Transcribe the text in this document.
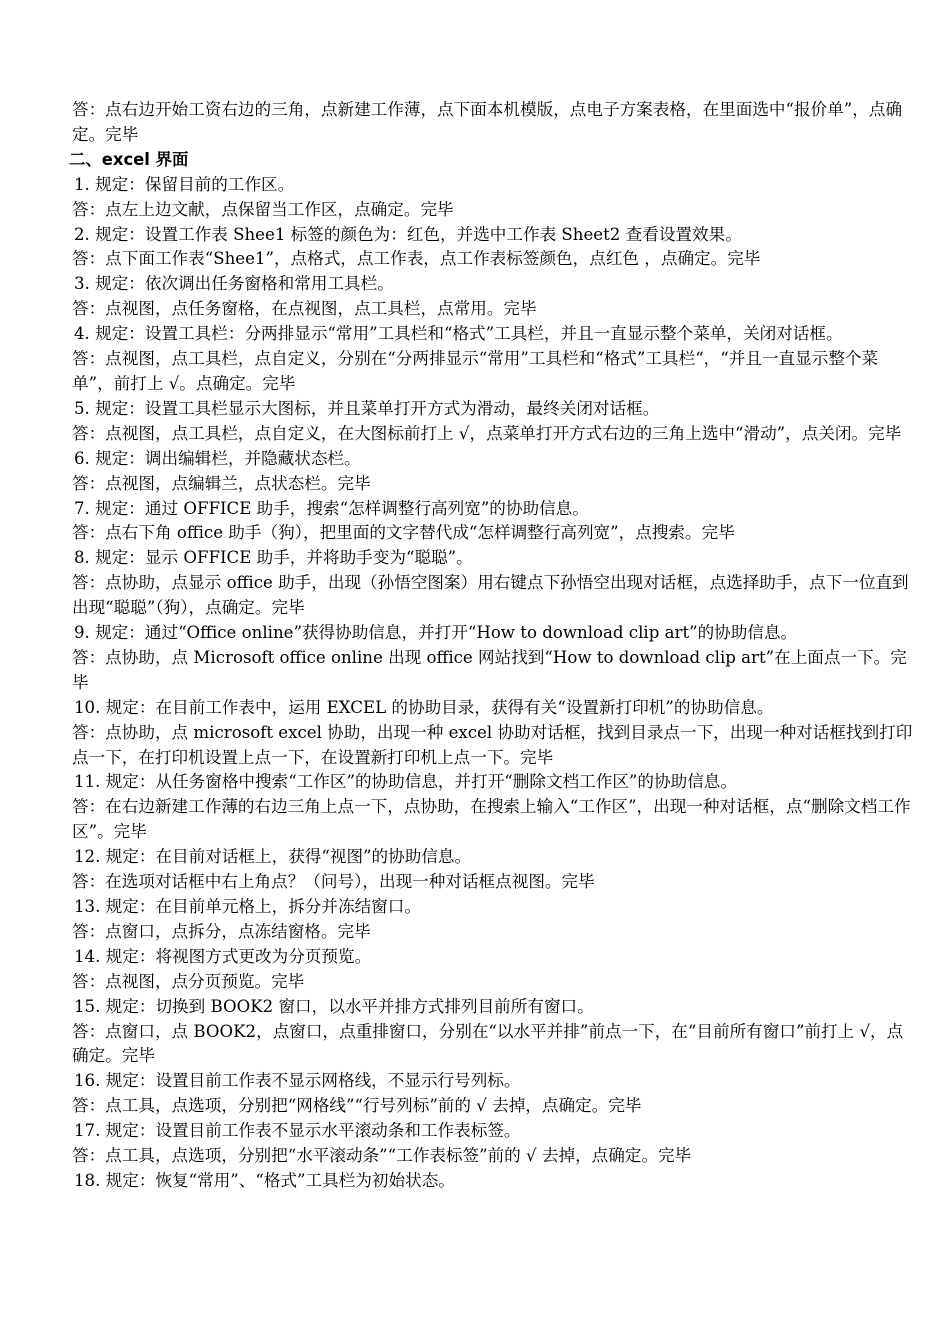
答：点右边开始工资右边的三角，点新建工作薄，点下面本机模版，点电子方案表格，在里面选中“报价单”，点确定。完毕

二、excel 界面

1. 规定：保留目前的工作区。

答：点左上边文献，点保留当工作区，点确定。完毕

2. 规定：设置工作表 Shee1 标签的颜色为：红色，并选中工作表 Sheet2 查看设置效果。

答：点下面工作表“Shee1”，点格式，点工作表，点工作表标签颜色，点红色 ，点确定。完毕

3. 规定：依次调出任务窗格和常用工具栏。

答：点视图，点任务窗格，在点视图，点工具栏，点常用。完毕

4. 规定：设置工具栏：分两排显示“常用”工具栏和“格式”工具栏，并且一直显示整个菜单，关闭对话框。

答：点视图，点工具栏，点自定义，分别在“分两排显示“常用”工具栏和“格式”工具栏“，“并且一直显示整个菜单”，前打上 √。点确定。完毕

5. 规定：设置工具栏显示大图标，并且菜单打开方式为滑动，最终关闭对话框。

答：点视图，点工具栏，点自定义，在大图标前打上 √，点菜单打开方式右边的三角上选中“滑动”，点关闭。完毕

6. 规定：调出编辑栏，并隐藏状态栏。

答：点视图，点编辑兰，点状态栏。完毕

7. 规定：通过 OFFICE 助手，搜索“怎样调整行高列宽”的协助信息。

答：点右下角 office 助手（狗），把里面的文字替代成“怎样调整行高列宽”，点搜索。完毕

8. 规定：显示 OFFICE 助手，并将助手变为“聪聪”。

答：点协助，点显示 office 助手，出现（孙悟空图案）用右键点下孙悟空出现对话框，点选择助手，点下一位直到出现“聪聪”（狗），点确定。完毕

9. 规定：通过“Office online”获得协助信息，并打开“How to download clip art”的协助信息。

答：点协助，点 Microsoft office online 出现 office 网站找到“How to download clip art”在上面点一下。完毕

10. 规定：在目前工作表中，运用 EXCEL 的协助目录，获得有关“设置新打印机”的协助信息。

答：点协助，点 microsoft excel 协助，出现一种 excel 协助对话框，找到目录点一下，出现一种对话框找到打印点一下，在打印机设置上点一下，在设置新打印机上点一下。完毕

11. 规定：从任务窗格中搜索“工作区”的协助信息，并打开“删除文档工作区”的协助信息。

答：在右边新建工作薄的右边三角上点一下，点协助，在搜索上输入“工作区”，出现一种对话框，点“删除文档工作区”。完毕

12. 规定：在目前对话框上，获得“视图”的协助信息。

答：在选项对话框中右上角点？（问号），出现一种对话框点视图。完毕

13. 规定：在目前单元格上，拆分并冻结窗口。

答：点窗口，点拆分，点冻结窗格。完毕

14. 规定：将视图方式更改为分页预览。

答：点视图，点分页预览。完毕

15. 规定：切换到 BOOK2 窗口，以水平并排方式排列目前所有窗口。

答：点窗口，点 BOOK2，点窗口，点重排窗口，分别在“以水平并排”前点一下，在“目前所有窗口”前打上 √，点确定。完毕

16. 规定：设置目前工作表不显示网格线，不显示行号列标。

答：点工具，点选项，分别把“网格线”“行号列标”前的 √ 去掉，点确定。完毕

17. 规定：设置目前工作表不显示水平滚动条和工作表标签。

答：点工具，点选项，分别把“水平滚动条”“工作表标签”前的 √ 去掉，点确定。完毕

18. 规定：恢复“常用”、“格式”工具栏为初始状态。
